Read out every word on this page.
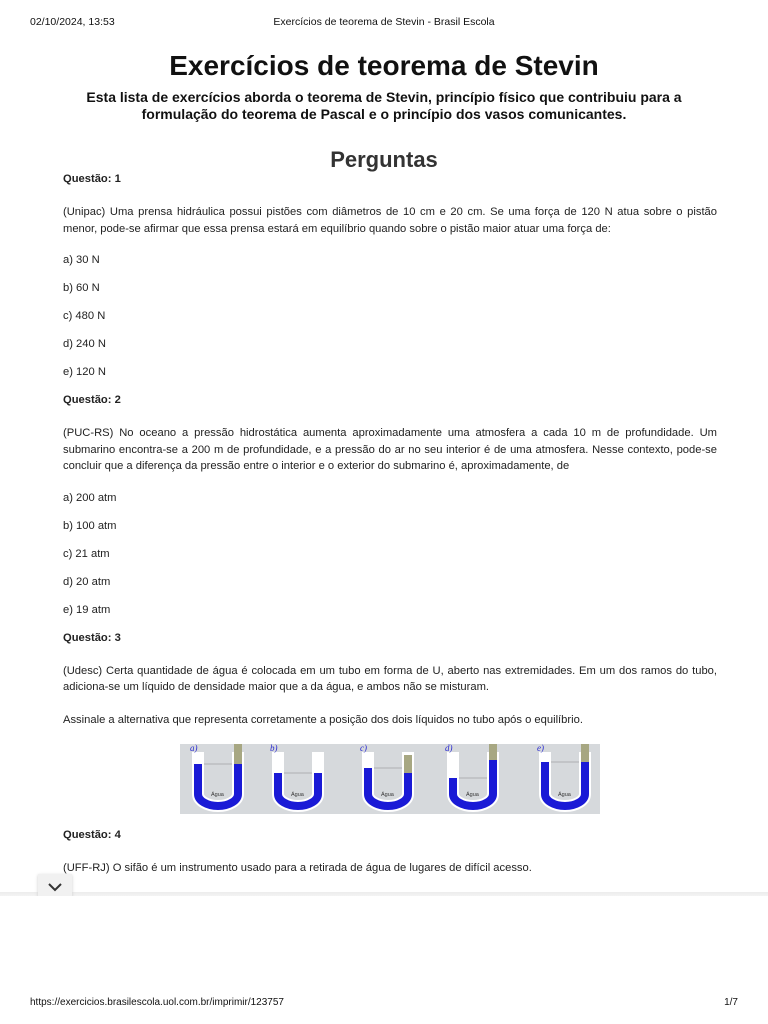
02/10/2024, 13:53	Exercícios de teorema de Stevin - Brasil Escola
Exercícios de teorema de Stevin

Esta lista de exercícios aborda o teorema de Stevin, princípio físico que contribuiu para a formulação do teorema de Pascal e o princípio dos vasos comunicantes.

Perguntas

Questão: 1

(Unipac) Uma prensa hidráulica possui pistões com diâmetros de 10 cm e 20 cm. Se uma força de 120 N atua sobre o pistão menor, pode-se afirmar que essa prensa estará em equilíbrio quando sobre o pistão maior atuar uma força de:

a) 30 N

b) 60 N

c) 480 N

d) 240 N

e) 120 N

Questão: 2

(PUC-RS) No oceano a pressão hidrostática aumenta aproximadamente uma atmosfera a cada 10 m de profundidade. Um submarino encontra-se a 200 m de profundidade, e a pressão do ar no seu interior é de uma atmosfera. Nesse contexto, pode-se concluir que a diferença da pressão entre o interior e o exterior do submarino é, aproximadamente, de

a) 200 atm

b) 100 atm

c) 21 atm

d) 20 atm

e) 19 atm

Questão: 3

(Udesc) Certa quantidade de água é colocada em um tubo em forma de U, aberto nas extremidades. Em um dos ramos do tubo, adiciona-se um líquido de densidade maior que a da água, e ambos não se misturam.

Assinale a alternativa que representa corretamente a posição dos dois líquidos no tubo após o equilíbrio.

a)
Água
b)
Água
c)
Água
d)
Água
e)
Água

Questão: 4

(UFF-RJ) O sifão é um instrumento usado para a retirada de água de lugares de difícil acesso.

https://exercicios.brasilescola.uol.com.br/imprimir/123757	1/7
